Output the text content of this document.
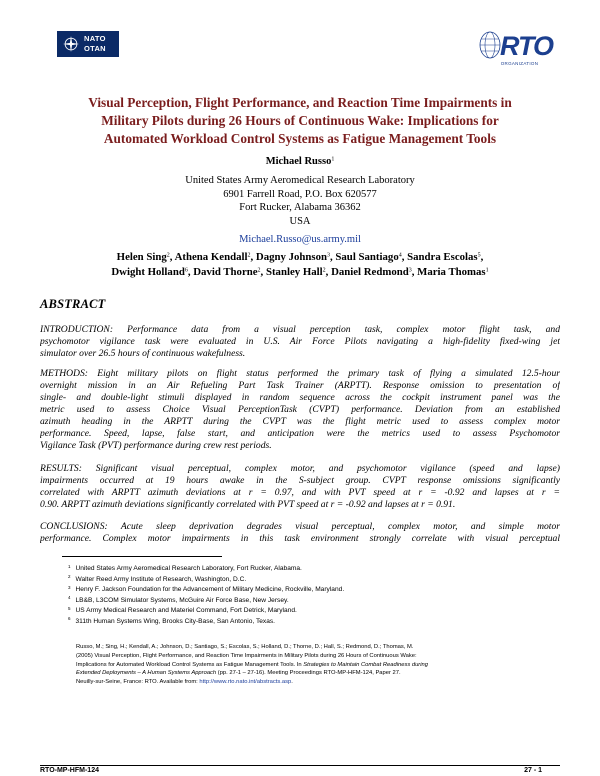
NATO
OTAN	RTO
ORGANIZATION
Visual Perception, Flight Performance, and Reaction Time Impairments in
Military Pilots during 26 Hours of Continuous Wake: Implications for
Automated Workload Control Systems as Fatigue Management Tools
Michael Russo$^1$
United States Army Aeromedical Research Laboratory
6901 Farrell Road, P.O. Box 620577
Fort Rucker, Alabama 36362
USA
Michael.Russo@us.army.mil
Helen Sing$^2$, Athena Kendall$^2$, Dagny Johnson$^3$, Saul Santiago$^4$, Sandra Escolas$^5$,
Dwight Holland$^6$, David Thorne$^2$, Stanley Hall$^2$, Daniel Redmond$^3$, Maria Thomas$^1$
ABSTRACT
INTRODUCTION: Performance data from a visual perception task, complex motor flight task, and
psychomotor vigilance task were evaluated in U.S. Air Force Pilots navigating a high-fidelity fixed-wing jet
simulator over 26.5 hours of continuous wakefulness.
METHODS: Eight military pilots on flight status performed the primary task of flying a simulated 12.5-hour
overnight mission in an Air Refueling Part Task Trainer (ARPTT). Response omission to presentation of
single- and double-light stimuli displayed in random sequence across the cockpit instrument panel was the
metric used to assess Choice Visual PerceptionTask (CVPT) performance. Deviation from an established
azimuth heading in the ARPTT during the CVPT was the flight metric used to assess complex motor
performance. Speed, lapse, false start, and anticipation were the metrics used to assess Psychomotor
Vigilance Task (PVT) performance during crew rest periods.
RESULTS: Significant visual perceptual, complex motor, and psychomotor vigilance (speed and lapse)
impairments occurred at 19 hours awake in the S-subject group. CVPT response omissions significantly
correlated with ARPTT azimuth deviations at r = 0.97, and with PVT speed at r = -0.92 and lapses at r =
0.90. ARPTT azimuth deviations significantly correlated with PVT speed at r = -0.92 and lapses at r = 0.91.
CONCLUSIONS: Acute sleep deprivation degrades visual perceptual, complex motor, and simple motor
performance. Complex motor impairments in this task environment strongly correlate with visual perceptual
$^1$ United States Army Aeromedical Research Laboratory, Fort Rucker, Alabama.
$^2$ Walter Reed Army Institute of Research, Washington, D.C.
$^3$ Henry F. Jackson Foundation for the Advancement of Military Medicine, Rockville, Maryland.
$^4$ LB&B, L3COM Simulator Systems, McGuire Air Force Base, New Jersey.
$^5$ US Army Medical Research and Materiel Command, Fort Detrick, Maryland.
$^6$ 311th Human Systems Wing, Brooks City-Base, San Antonio, Texas.
Russo, M.; Sing, H.; Kendall, A.; Johnson, D.; Santiago, S.; Escolas, S.; Holland, D.; Thorne, D.; Hall, S.; Redmond, D.; Thomas, M.
(2005) Visual Perception, Flight Performance, and Reaction Time Impairments in Military Pilots during 26 Hours of Continuous Wake:
Implications for Automated Workload Control Systems as Fatigue Management Tools. In Strategies to Maintain Combat Readiness during
Extended Deployments – A Human Systems Approach (pp. 27-1 – 27-16). Meeting Proceedings RTO-MP-HFM-124, Paper 27.
Neuilly-sur-Seine, France: RTO. Available from: http://www.rto.nato.int/abstracts.asp.
RTO-MP-HFM-124	27 - 1
